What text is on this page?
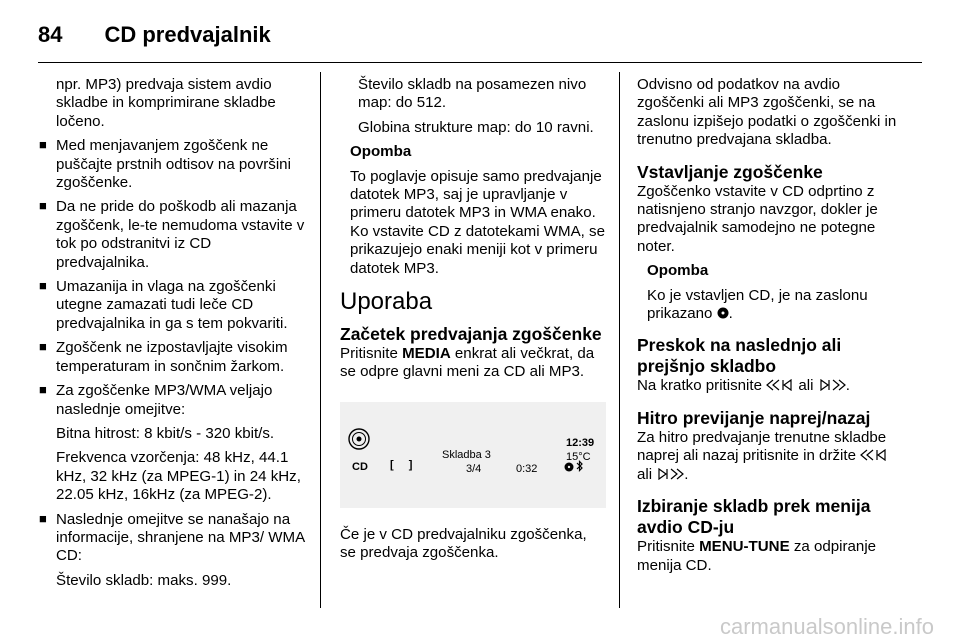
84 CD predvajalnik

npr. MP3) predvaja sistem avdio skladbe in komprimirane skladbe ločeno.

■ Med menjavanjem zgoščenk ne puščajte prstnih odtisov na površini zgoščenke.

■ Da ne pride do poškodb ali mazanja zgoščenk, le-te nemudoma vstavite v tok po odstranitvi iz CD predvajalnika.

■ Umazanija in vlaga na zgoščenki utegne zamazati tudi leče CD predvajalnika in ga s tem pokvariti.

■ Zgoščenk ne izpostavljajte visokim temperaturam in sončnim žarkom.

■ Za zgoščenke MP3/WMA veljajo naslednje omejitve:

Bitna hitrost: 8 kbit/s - 320 kbit/s.

Frekvenca vzorčenja: 48 kHz, 44.1 kHz, 32 kHz (za MPEG-1) in 24 kHz, 22.05 kHz, 16kHz (za MPEG-2).

■ Naslednje omejitve se nanašajo na informacije, shranjene na MP3/ WMA CD:

Število skladb: maks. 999.

Število skladb na posamezen nivo map: do 512.

Globina strukture map: do 10 ravni.

Opomba

To poglavje opisuje samo predvajanje datotek MP3, saj je upravljanje v primeru datotek MP3 in WMA enako. Ko vstavite CD z datotekami WMA, se prikazujejo enaki meniji kot v primeru datotek MP3.

Uporaba
Začetek predvajanja zgoščenke

Pritisnite MEDIA enkrat ali večkrat, da se odpre glavni meni za CD ali MP3.

CD [ ]
Skladba 3
3/4	0:32
12:39
15°C

Če je v CD predvajalniku zgoščenka, se predvaja zgoščenka.

Odvisno od podatkov na avdio zgoščenki ali MP3 zgoščenki, se na zaslonu izpišejo podatki o zgoščenki in trenutno predvajana skladba.

Vstavljanje zgoščenke

Zgoščenko vstavite v CD odprtino z natisnjeno stranjo navzgor, dokler je predvajalnik samodejno ne potegne noter.

Opomba

Ko je vstavljen CD, je na zaslonu prikazano .

Preskok na naslednjo ali prejšnjo skladbo

Na kratko pritisnite  ali .

Hitro previjanje naprej/nazaj

Za hitro predvajanje trenutne skladbe naprej ali nazaj pritisnite in držite  ali .

Izbiranje skladb prek menija avdio CD-ju

Pritisnite MENU-TUNE za odpiranje menija CD.

carmanualsonline.info
